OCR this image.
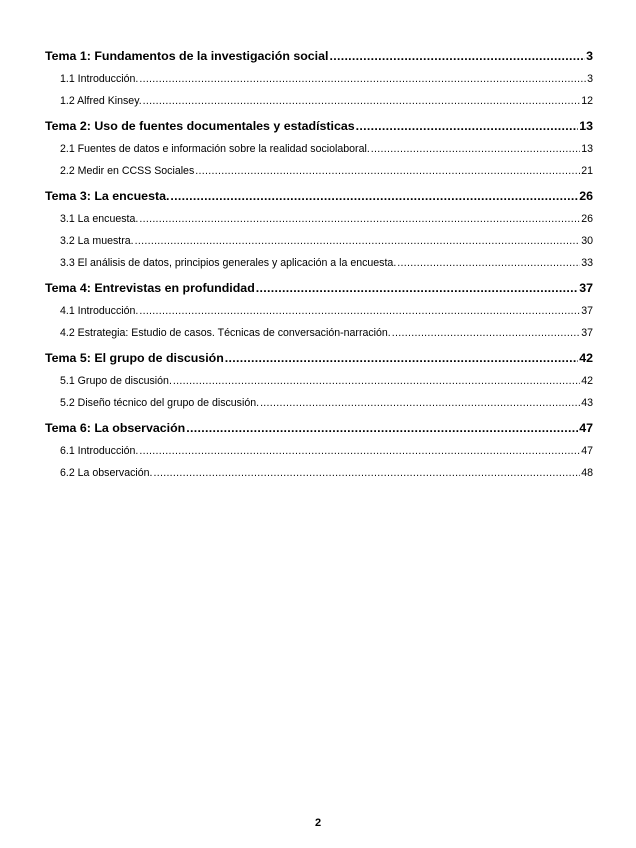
Tema 1: Fundamentos de la investigación social .....	3
1.1 Introducción. .....	3
1.2 Alfred Kinsey. .....	12
Tema 2: Uso de fuentes documentales y estadísticas .....	13
2.1 Fuentes de datos e información sobre la realidad sociolaboral. .....	13
2.2 Medir en CCSS Sociales .....	21
Tema 3: La encuesta. .....	26
3.1 La encuesta. .....	26
3.2 La muestra. .....	30
3.3 El análisis de datos, principios generales y aplicación a la encuesta. .....	33
Tema 4: Entrevistas en profundidad .....	37
4.1 Introducción. .....	37
4.2 Estrategia: Estudio de casos. Técnicas de conversación-narración. .....	37
Tema 5: El grupo de discusión .....	42
5.1 Grupo de discusión. .....	42
5.2 Diseño técnico del grupo de discusión. .....	43
Tema 6: La observación .....	47
6.1 Introducción. .....	47
6.2 La observación. .....	48
2
